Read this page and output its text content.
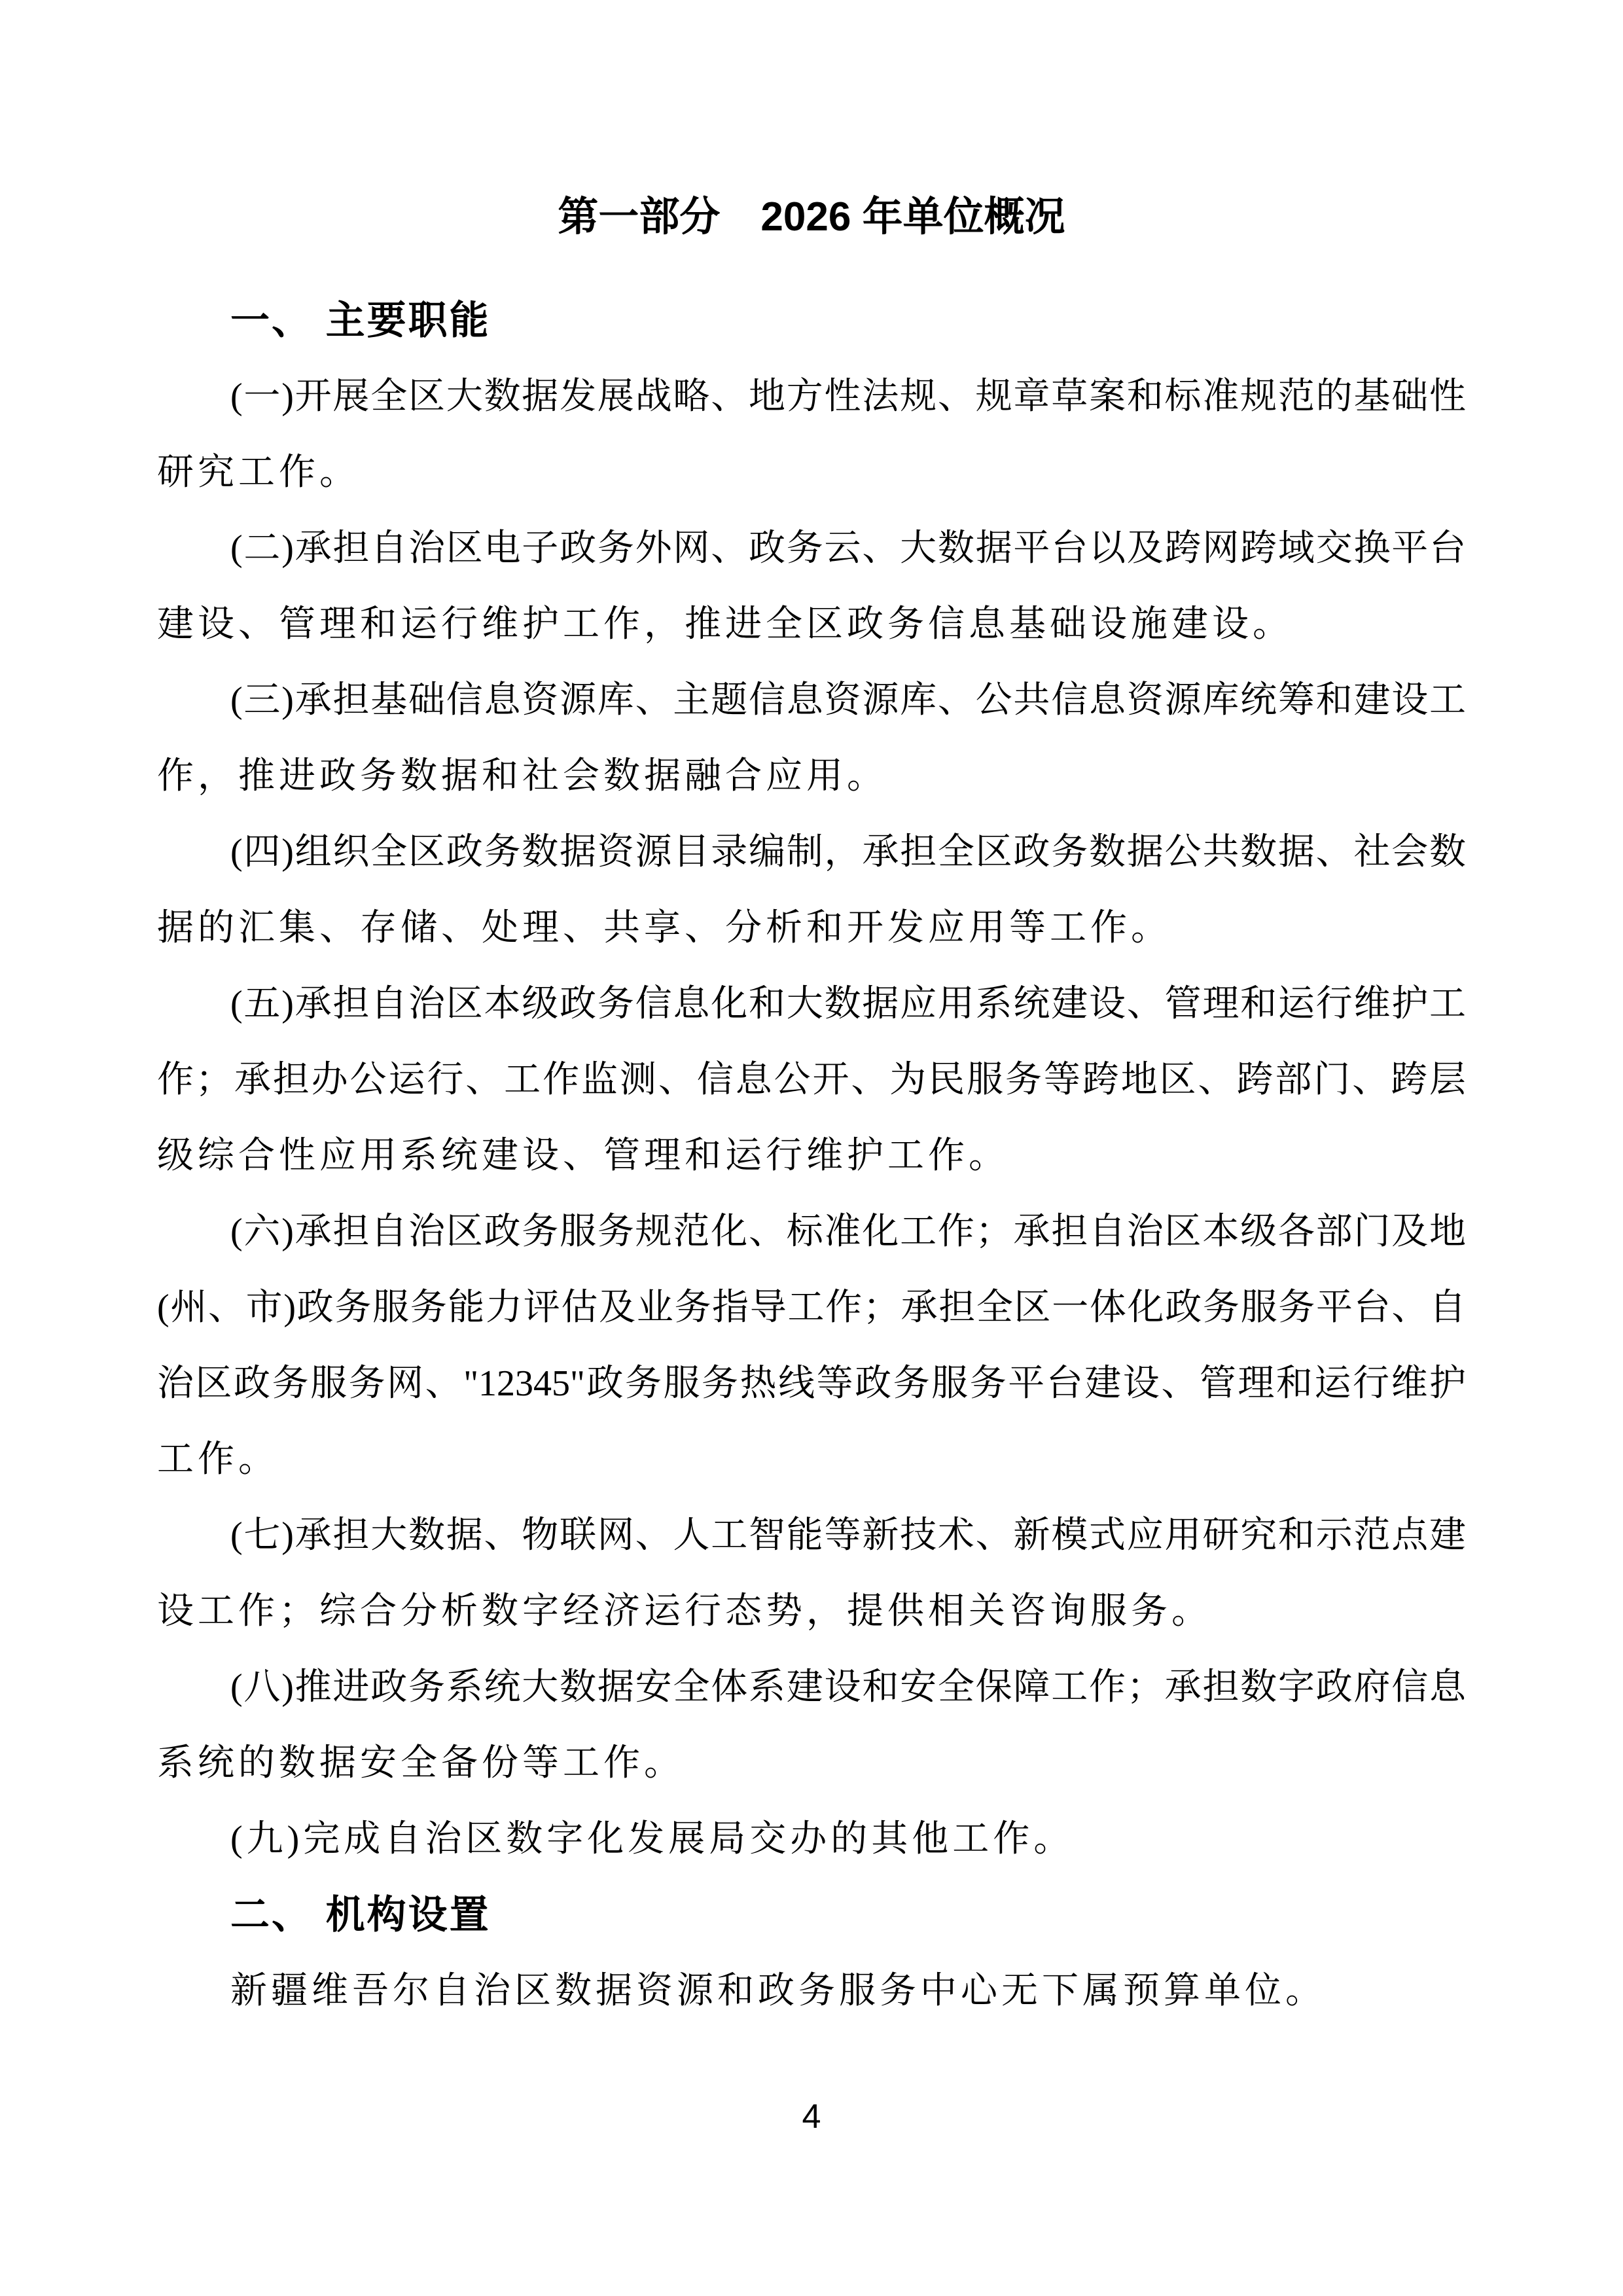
第一部分　2026 年单位概况
一、 主要职能
(一)开展全区大数据发展战略、地方性法规、规章草案和标准规范的基础性
研究工作。
(二)承担自治区电子政务外网、政务云、大数据平台以及跨网跨域交换平台
建设、管理和运行维护工作，推进全区政务信息基础设施建设。
(三)承担基础信息资源库、主题信息资源库、公共信息资源库统筹和建设工
作，推进政务数据和社会数据融合应用。
(四)组织全区政务数据资源目录编制，承担全区政务数据公共数据、社会数
据的汇集、存储、处理、共享、分析和开发应用等工作。
(五)承担自治区本级政务信息化和大数据应用系统建设、管理和运行维护工
作；承担办公运行、工作监测、信息公开、为民服务等跨地区、跨部门、跨层
级综合性应用系统建设、管理和运行维护工作。
(六)承担自治区政务服务规范化、标准化工作；承担自治区本级各部门及地
(州、市)政务服务能力评估及业务指导工作；承担全区一体化政务服务平台、自
治区政务服务网、"12345"政务服务热线等政务服务平台建设、管理和运行维护
工作。
(七)承担大数据、物联网、人工智能等新技术、新模式应用研究和示范点建
设工作；综合分析数字经济运行态势，提供相关咨询服务。
(八)推进政务系统大数据安全体系建设和安全保障工作；承担数字政府信息
系统的数据安全备份等工作。
(九)完成自治区数字化发展局交办的其他工作。
二、 机构设置
新疆维吾尔自治区数据资源和政务服务中心无下属预算单位。
4
